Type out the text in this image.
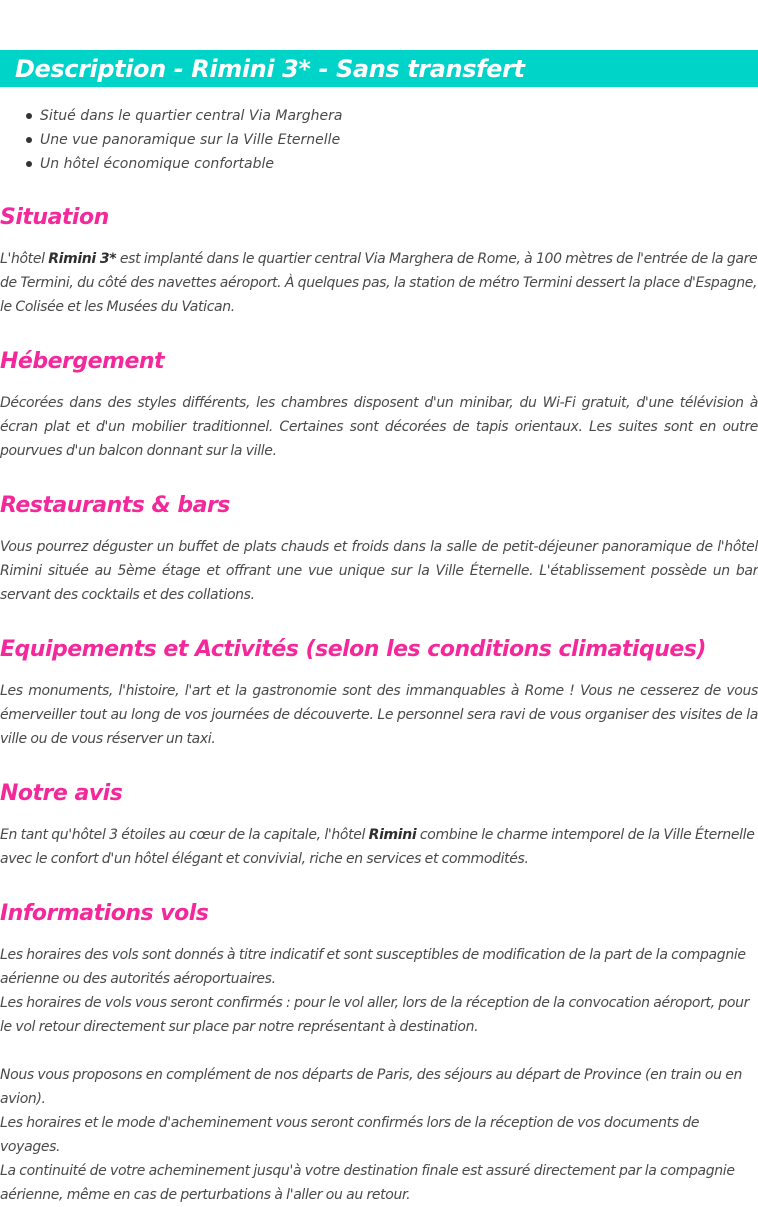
Description - Rimini 3* - Sans transfert
Situé dans le quartier central Via Marghera
Une vue panoramique sur la Ville Eternelle
Un hôtel économique confortable
Situation

L'hôtel Rimini 3* est implanté dans le quartier central Via Marghera de Rome, à 100 mètres de l'entrée de la gare de Termini, du côté des navettes aéroport. À quelques pas, la station de métro Termini dessert la place d'Espagne, le Colisée et les Musées du Vatican.

Hébergement

Décorées dans des styles différents, les chambres disposent d'un minibar, du Wi-Fi gratuit, d'une télévision à écran plat et d'un mobilier traditionnel. Certaines sont décorées de tapis orientaux. Les suites sont en outre pourvues d'un balcon donnant sur la ville.

Restaurants & bars

Vous pourrez déguster un buffet de plats chauds et froids dans la salle de petit-déjeuner panoramique de l'hôtel Rimini située au 5ème étage et offrant une vue unique sur la Ville Éternelle. L'établissement possède un bar servant des cocktails et des collations.

Equipements et Activités (selon les conditions climatiques)

Les monuments, l'histoire, l'art et la gastronomie sont des immanquables à Rome ! Vous ne cesserez de vous émerveiller tout au long de vos journées de découverte. Le personnel sera ravi de vous organiser des visites de la ville ou de vous réserver un taxi.

Notre avis

En tant qu'hôtel 3 étoiles au cœur de la capitale, l'hôtel Rimini combine le charme intemporel de la Ville Éternelle avec le confort d'un hôtel élégant et convivial, riche en services et commodités.

Informations vols

Les horaires des vols sont donnés à titre indicatif et sont susceptibles de modification de la part de la compagnie aérienne ou des autorités aéroportuaires.

Les horaires de vols vous seront confirmés : pour le vol aller, lors de la réception de la convocation aéroport, pour le vol retour directement sur place par notre représentant à destination.

Nous vous proposons en complément de nos départs de Paris, des séjours au départ de Province (en train ou en avion).

Les horaires et le mode d'acheminement vous seront confirmés lors de la réception de vos documents de voyages.

La continuité de votre acheminement jusqu'à votre destination finale est assuré directement par la compagnie aérienne, même en cas de perturbations à l'aller ou au retour.
